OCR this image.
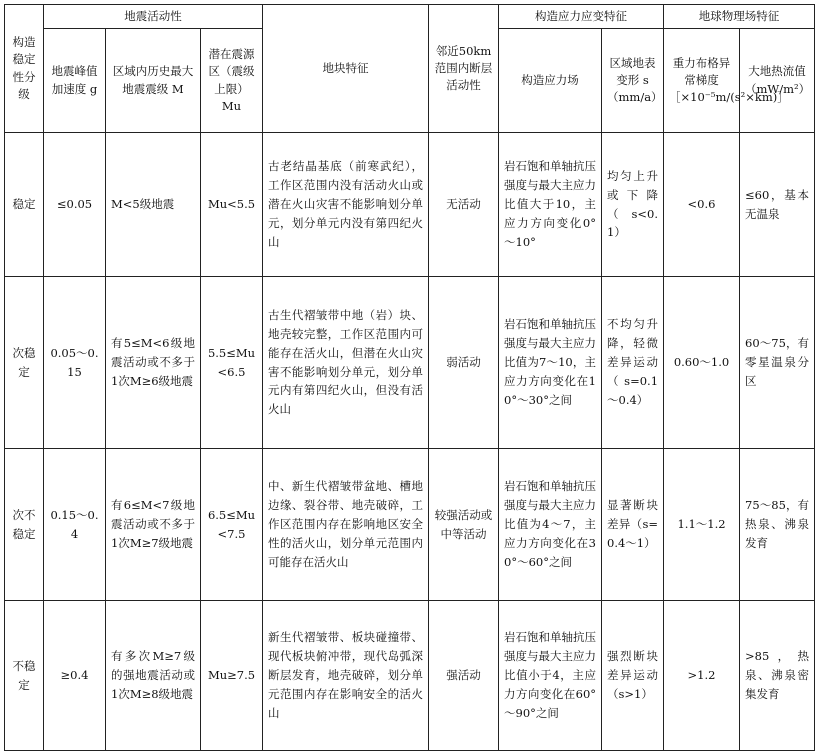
构造稳定性分级	地震活动性			地块特征	邻近50km范围内断层活动性	构造应力应变特征		地球物理场特征	
	地震峰值加速度 g	区域内历史最大地震震级 M	潜在震源区（震级上限）Mu			构造应力场	区域地表变形 s（mm/a）	重力布格异常梯度［×10⁻⁵m/(s²×km)］	大地热流值（mW/m²）
稳定	≤0.05	M<5级地震	Mu<5.5	古老结晶基底（前寒武纪），工作区范围内没有活动火山或潜在火山灾害不能影响划分单元，划分单元内没有第四纪火山	无活动	岩石饱和单轴抗压强度与最大主应力比值大于10，主应力方向变化0°～10°	均匀上升或下降（s<0.1）	<0.6	≤60，基本无温泉
次稳定	0.05～0.15	有5≤M<6级地震活动或不多于1次M≥6级地震	5.5≤Mu<6.5	古生代褶皱带中地（岩）块、地壳较完整，工作区范围内可能存在活火山，但潜在火山灾害不能影响划分单元，划分单元内有第四纪火山，但没有活火山	弱活动	岩石饱和单轴抗压强度与最大主应力比值为7～10，主应力方向变化在10°～30°之间	不均匀升降，轻微差异运动（s=0.1～0.4）	0.60～1.0	60～75，有零星温泉分区
次不稳定	0.15～0.4	有6≤M<7级地震活动或不多于1次M≥7级地震	6.5≤Mu<7.5	中、新生代褶皱带盆地、槽地边缘、裂谷带、地壳破碎，工作区范围内存在影响地区安全性的活火山，划分单元范围内可能存在活火山	较强活动或中等活动	岩石饱和单轴抗压强度与最大主应力比值为4～7，主应力方向变化在30°～60°之间	显著断块差异（s=0.4～1）	1.1～1.2	75～85，有热泉、沸泉发育
不稳定	≥0.4	有多次M≥7级的强地震活动或1次M≥8级地震	Mu≥7.5	新生代褶皱带、板块碰撞带、现代板块俯冲带，现代岛弧深断层发育，地壳破碎，划分单元范围内存在影响安全的活火山	强活动	岩石饱和单轴抗压强度与最大主应力比值小于4，主应力方向变化在60°～90°之间	强烈断块差异运动（s>1）	>1.2	>85，热泉、沸泉密集发育
